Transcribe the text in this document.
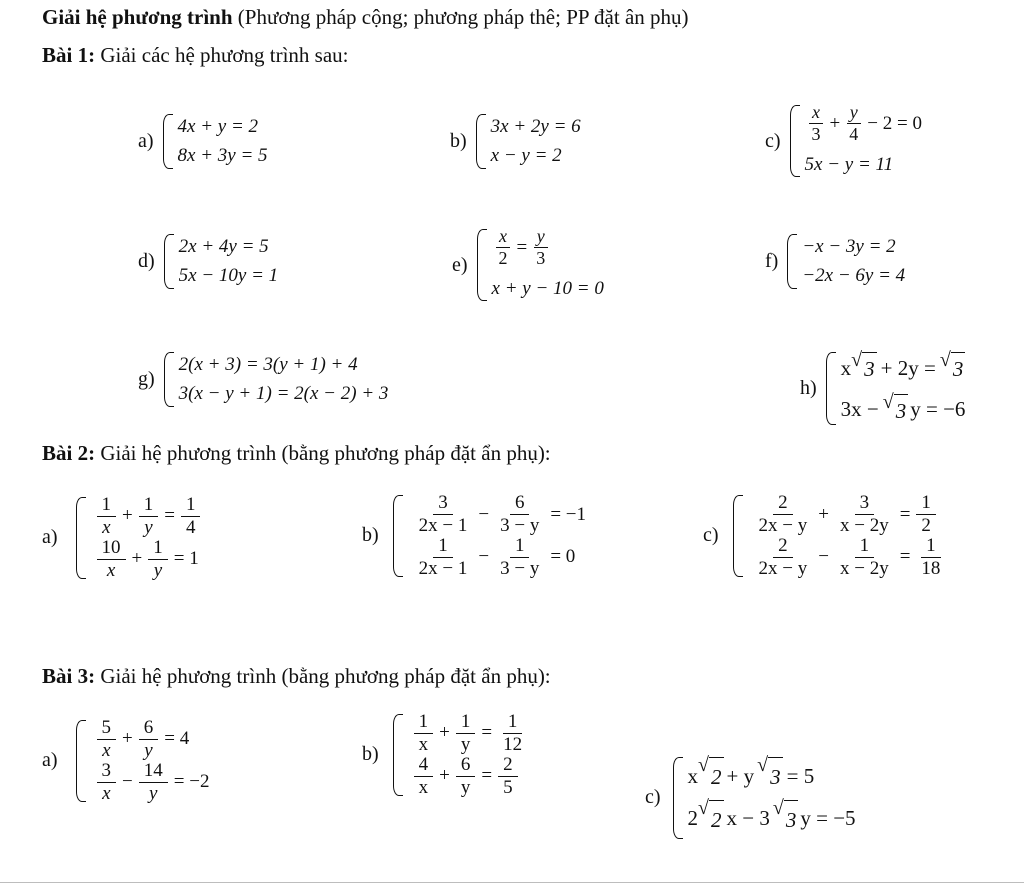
Giải hệ phương trình (Phương pháp cộng; phương pháp thê; PP đặt ân phụ)
Bài 1: Giải các hệ phương trình sau:
a)
4x + y = 2
8x + 3y = 5
b)
3x + 2y = 6
x − y = 2
$c) \frac{x}{3} + \frac{y}{4} - 2 = 0$
5x − y = 11
d)
2x + 4y = 5
5x − 10y = 1
$e) \frac{x}{2} = \frac{y}{3}$
x + y − 10 = 0
f)
−x − 3y = 2
−2x − 6y = 4
g)
2(x + 3) = 3(y + 1) + 4
3(x − y + 1) = 2(x − 2) + 3	h)
x √ 3 + 2y = √ 3
3x − √ 3 y = −6
Bài 2: Giải hệ phương trình (bằng phương pháp đặt ẩn phụ):
$a) \frac{1}{x} + \frac{1}{y} = \frac{1}{4}$
$\frac{10}{x} + \frac{1}{y} = 1$
$b) \frac{3}{2x - 1} - \frac{6}{3 - y} = -1$
$\frac{1}{2x - 1} - \frac{1}{3 - y} = 0$
$c) \frac{2}{2x - y} + \frac{3}{x - 2y} = \frac{1}{2}$
$\frac{2}{2x - y} - \frac{1}{x - 2y} = \frac{1}{18}$
Bài 3: Giải hệ phương trình (bằng phương pháp đặt ẩn phụ):
$a) \frac{5}{x} + \frac{6}{y} = 4$
$\frac{3}{x} - \frac{14}{y} = -2$
$b) \frac{1}{x} + \frac{1}{y} = \frac{1}{12}$
$\frac{4}{x} + \frac{6}{y} = \frac{2}{5}$	c)
x √ 2 + y √ 3 = 5
2 √ 2 x − 3 √ 3 y = −5
